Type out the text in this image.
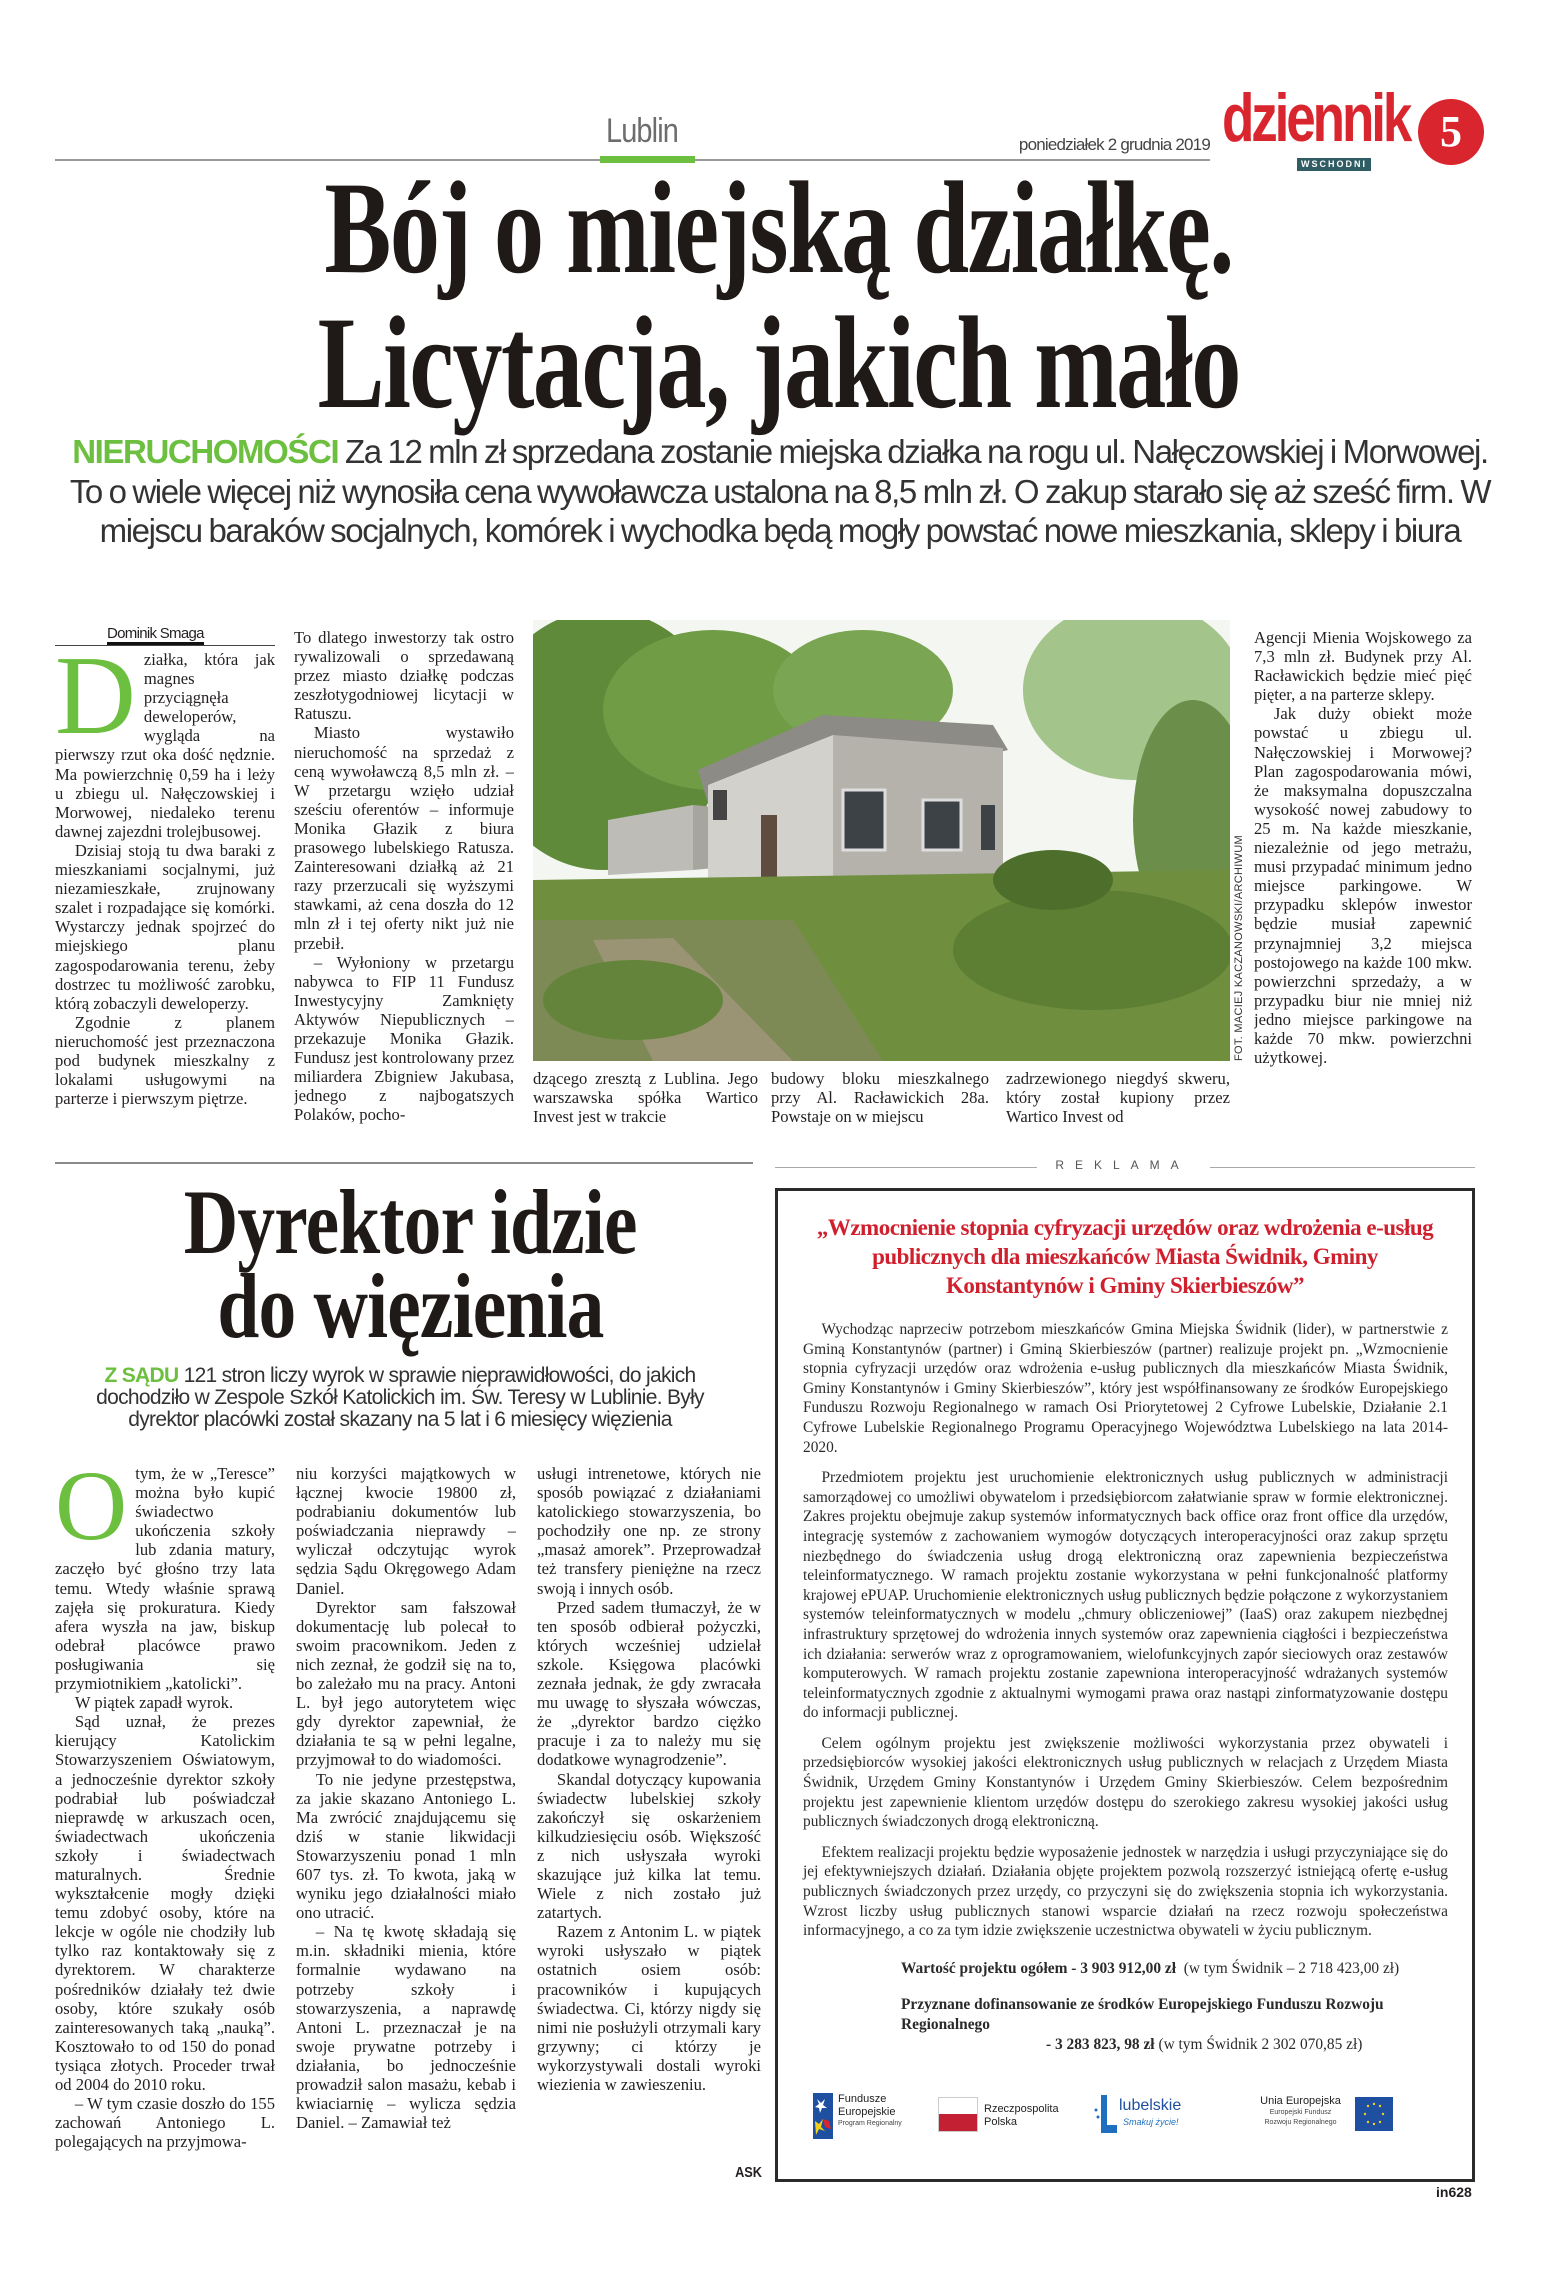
Lublin	poniedziałek 2 grudnia 2019 dziennik
WSCHODNI
5
Bój o miejską działkę.
Licytacja, jakich mało
NIERUCHOMOŚCI Za 12 mln zł sprzedana zostanie miejska działka na rogu ul. Nałęczowskiej i Morwowej. To o wiele więcej niż wynosiła cena wywoławcza ustalona na 8,5 mln zł. O zakup starało się aż sześć firm. W miejscu baraków socjalnych, komórek i wychodka będą mogły powstać nowe mieszkania, sklepy i biura
Dominik Smaga
D ziałka, która jak magnes przyciągnęła deweloperów, wygląda na pierwszy rzut oka dość nędznie. Ma powierzchnię 0,59 ha i leży u zbiegu ul. Nałęczowskiej i Morwowej, niedaleko terenu dawnej zajezdni trolejbusowej.

Dzisiaj stoją tu dwa baraki z mieszkaniami socjalnymi, już niezamieszkałe, zrujnowany szalet i rozpadające się komórki. Wystarczy jednak spojrzeć do miejskiego planu zagospodarowania terenu, żeby dostrzec tu możliwość zarobku, którą zobaczyli deweloperzy.

Zgodnie z planem nieruchomość jest przeznaczona pod budynek mieszkalny z lokalami usługowymi na parterze i pierwszym piętrze.

To dlatego inwestorzy tak ostro rywalizowali o sprzedawaną przez miasto działkę podczas zeszłotygodniowej licytacji w Ratuszu.

Miasto wystawiło nieruchomość na sprzedaż z ceną wywoławczą 8,5 mln zł. – W przetargu wzięło udział sześciu oferentów – informuje Monika Głazik z biura prasowego lubelskiego Ratusza. Zainteresowani działką aż 21 razy przerzucali się wyższymi stawkami, aż cena doszła do 12 mln zł i tej oferty nikt już nie przebił.

– Wyłoniony w przetargu nabywca to FIP 11 Fundusz Inwestycyjny Zamknięty Aktywów Niepublicznych – przekazuje Monika Głazik. Fundusz jest kontrolowany przez miliardera Zbigniew Jakubasa, jednego z najbogatszych Polaków, pocho-

FOT. MACIEJ KACZANOWSKI/ARCHIWUM

dzącego zresztą z Lublina. Jego warszawska spółka Wartico Invest jest w trakcie

budowy bloku mieszkalnego przy Al. Racławickich 28a. Powstaje on w miejscu

zadrzewionego niegdyś skweru, który został kupiony przez Wartico Invest od

Agencji Mienia Wojskowego za 7,3 mln zł. Budynek przy Al. Racławickich będzie mieć pięć pięter, a na parterze sklepy.

Jak duży obiekt może powstać u zbiegu ul. Nałęczowskiej i Morwowej? Plan zagospodarowania mówi, że maksymalna dopuszczalna wysokość nowej zabudowy to 25 m. Na każde mieszkanie, niezależnie od jego metrażu, musi przypadać minimum jedno miejsce parkingowe. W przypadku sklepów inwestor będzie musiał zapewnić przynajmniej 3,2 miejsca postojowego na każde 100 mkw. powierzchni sprzedaży, a w przypadku biur nie mniej niż jedno miejsce parkingowe na każde 70 mkw. powierzchni użytkowej.

REKLAMA
Dyrektor idzie
do więzienia
Z SĄDU 121 stron liczy wyrok w sprawie nieprawidłowości, do jakich dochodziło w Zespole Szkół Katolickich im. Św. Teresy w Lublinie. Były dyrektor placówki został skazany na 5 lat i 6 miesięcy więzienia
O tym, że w „Teresce” można było kupić świadectwo ukończenia szkoły lub zdania matury, zaczęło być głośno trzy lata temu. Wtedy właśnie sprawą zajęła się prokuratura. Kiedy afera wyszła na jaw, biskup odebrał placówce prawo posługiwania się przymiotnikiem „katolicki”.

W piątek zapadł wyrok.

Sąd uznał, że prezes kierujący Katolickim Stowarzyszeniem Oświatowym, a jednocześnie dyrektor szkoły podrabiał lub poświadczał nieprawdę w arkuszach ocen, świadectwach ukończenia szkoły i świadectwach maturalnych. Średnie wykształcenie mogły dzięki temu zdobyć osoby, które na lekcje w ogóle nie chodziły lub tylko raz kontaktowały się z dyrektorem. W charakterze pośredników działały też dwie osoby, które szukały osób zainteresowanych taką „nauką”. Kosztowało to od 150 do ponad tysiąca złotych. Proceder trwał od 2004 do 2010 roku.

– W tym czasie doszło do 155 zachowań Antoniego L. polegających na przyjmowa-

niu korzyści majątkowych w łącznej kwocie 19800 zł, podrabianiu dokumentów lub poświadczania nieprawdy – wyliczał odczytując wyrok sędzia Sądu Okręgowego Adam Daniel.

Dyrektor sam fałszował dokumentację lub polecał to swoim pracownikom. Jeden z nich zeznał, że godził się na to, bo zależało mu na pracy. Antoni L. był jego autorytetem więc gdy dyrektor zapewniał, że działania te są w pełni legalne, przyjmował to do wiadomości.

To nie jedyne przestępstwa, za jakie skazano Antoniego L. Ma zwrócić znajdującemu się dziś w stanie likwidacji Stowarzyszeniu ponad 1 mln 607 tys. zł. To kwota, jaką w wyniku jego działalności miało ono utracić.

– Na tę kwotę składają się m.in. składniki mienia, które formalnie wydawano na potrzeby szkoły i stowarzyszenia, a naprawdę Antoni L. przeznaczał je na swoje prywatne potrzeby i działania, bo jednocześnie prowadził salon masażu, kebab i kwiaciarnię – wylicza sędzia Daniel. – Zamawiał też

usługi intrenetowe, których nie sposób powiązać z działaniami katolickiego stowarzyszenia, bo pochodziły one np. ze strony „masaż amorek”. Przeprowadzał też transfery pieniężne na rzecz swoją i innych osób.

Przed sadem tłumaczył, że w ten sposób odbierał pożyczki, których wcześniej udzielał szkole. Księgowa placówki zeznała jednak, że gdy zwracała mu uwagę to słyszała wówczas, że „dyrektor bardzo ciężko pracuje i za to należy mu się dodatkowe wynagrodzenie”.

Skandal dotyczący kupowania świadectw lubelskiej szkoły zakończył się oskarżeniem kilkudziesięciu osób. Większość z nich usłyszała wyroki skazujące już kilka lat temu. Wiele z nich zostało już zatartych.

Razem z Antonim L. w piątek wyroki usłyszało w piątek ostatnich osiem osób: pracowników i kupujących świadectwa. Ci, którzy nigdy się nimi nie posłużyli otrzymali kary grzywny; ci którzy je wykorzystywali dostali wyroki wiezienia w zawieszeniu.

ASK
„Wzmocnienie stopnia cyfryzacji urzędów oraz wdrożenia e-usług publicznych dla mieszkańców Miasta Świdnik, Gminy Konstantynów i Gminy Skierbieszów”

Wychodząc naprzeciw potrzebom mieszkańców Gmina Miejska Świdnik (lider), w partnerstwie z Gminą Konstantynów (partner) i Gminą Skierbieszów (partner) realizuje projekt pn. „Wzmocnienie stopnia cyfryzacji urzędów oraz wdrożenia e-usług publicznych dla mieszkańców Miasta Świdnik, Gminy Konstantynów i Gminy Skierbieszów”, który jest współfinansowany ze środków Europejskiego Funduszu Rozwoju Regionalnego w ramach Osi Priorytetowej 2 Cyfrowe Lubelskie, Działanie 2.1 Cyfrowe Lubelskie Regionalnego Programu Operacyjnego Województwa Lubelskiego na lata 2014-2020.

Przedmiotem projektu jest uruchomienie elektronicznych usług publicznych w administracji samorządowej co umożliwi obywatelom i przedsiębiorcom załatwianie spraw w formie elektronicznej. Zakres projektu obejmuje zakup systemów informatycznych back office oraz front office dla urzędów, integrację systemów z zachowaniem wymogów dotyczących interoperacyjności oraz zakup sprzętu niezbędnego do świadczenia usług drogą elektroniczną oraz zapewnienia bezpieczeństwa teleinformatycznego. W ramach projektu zostanie wykorzystana w pełni funkcjonalność platformy krajowej ePUAP. Uruchomienie elektronicznych usług publicznych będzie połączone z wykorzystaniem systemów teleinformatycznych w modelu „chmury obliczeniowej” (IaaS) oraz zakupem niezbędnej infrastruktury sprzętowej do wdrożenia innych systemów oraz zapewnienia ciągłości i bezpieczeństwa ich działania: serwerów wraz z oprogramowaniem, wielofunkcyjnych zapór sieciowych oraz zestawów komputerowych. W ramach projektu zostanie zapewniona interoperacyjność wdrażanych systemów teleinformatycznych zgodnie z aktualnymi wymogami prawa oraz nastąpi zinformatyzowanie dostępu do informacji publicznej.

Celem ogólnym projektu jest zwiększenie możliwości wykorzystania przez obywateli i przedsiębiorców wysokiej jakości elektronicznych usług publicznych w relacjach z Urzędem Miasta Świdnik, Urzędem Gminy Konstantynów i Urzędem Gminy Skierbieszów. Celem bezpośrednim projektu jest zapewnienie klientom urzędów dostępu do szerokiego zakresu wysokiej jakości usług publicznych świadczonych drogą elektroniczną.

Efektem realizacji projektu będzie wyposażenie jednostek w narzędzia i usługi przyczyniające się do jej efektywniejszych działań. Działania objęte projektem pozwolą rozszerzyć istniejącą ofertę e-usług publicznych świadczonych przez urzędy, co przyczyni się do zwiększenia stopnia ich wykorzystania. Wzrost liczby usług publicznych stanowi wsparcie działań na rzecz rozwoju społeczeństwa informacyjnego, a co za tym idzie zwiększenie uczestnictwa obywateli w życiu publicznym.

Wartość projektu ogółem - 3 903 912,00 zł (w tym Świdnik – 2 718 423,00 zł)
Przyznane dofinansowanie ze środków Europejskiego Funduszu Rozwoju Regionalnego
- 3 283 823, 98 zł (w tym Świdnik 2 302 070,85 zł)
Fundusze Europejskie
Program Regionalny
Rzeczpospolita Polska
lubelskie
Smakuj życie!
Unia Europejska
Europejski Fundusz Rozwoju Regionalnego
in628
